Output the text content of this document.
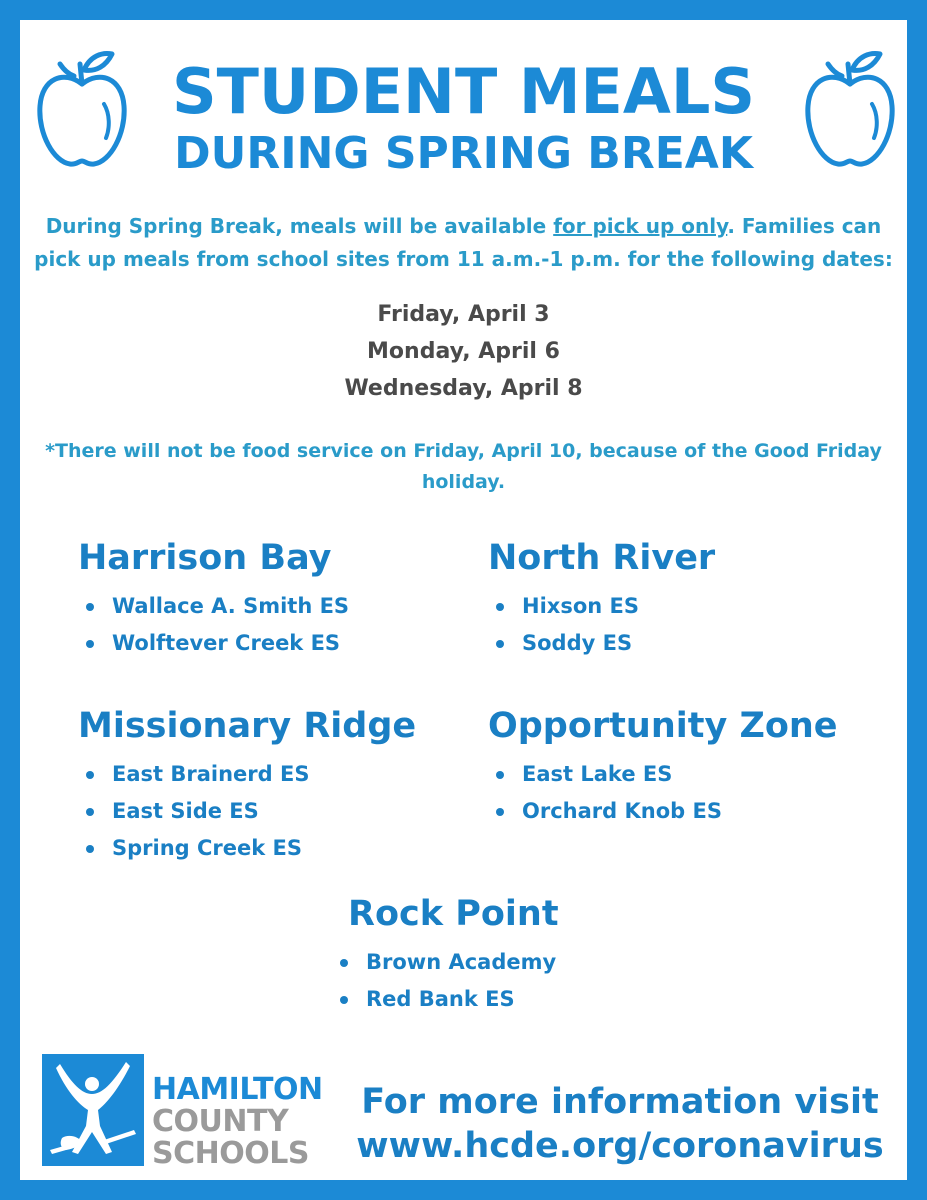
STUDENT MEALS
DURING SPRING BREAK
During Spring Break, meals will be available for pick up only. Families can pick up meals from school sites from 11 a.m.-1 p.m. for the following dates:
Friday, April 3
Monday, April 6
Wednesday, April 8
*There will not be food service on Friday, April 10, because of the Good Friday holiday.
Harrison Bay
Wallace A. Smith ES
Wolftever Creek ES
North River
Hixson ES
Soddy ES
Missionary Ridge
East Brainerd ES
East Side ES
Spring Creek ES
Opportunity Zone
East Lake ES
Orchard Knob ES
Rock Point
Brown Academy
Red Bank ES
HAMILTON
COUNTY
SCHOOLS
For more information visit
www.hcde.org/coronavirus
